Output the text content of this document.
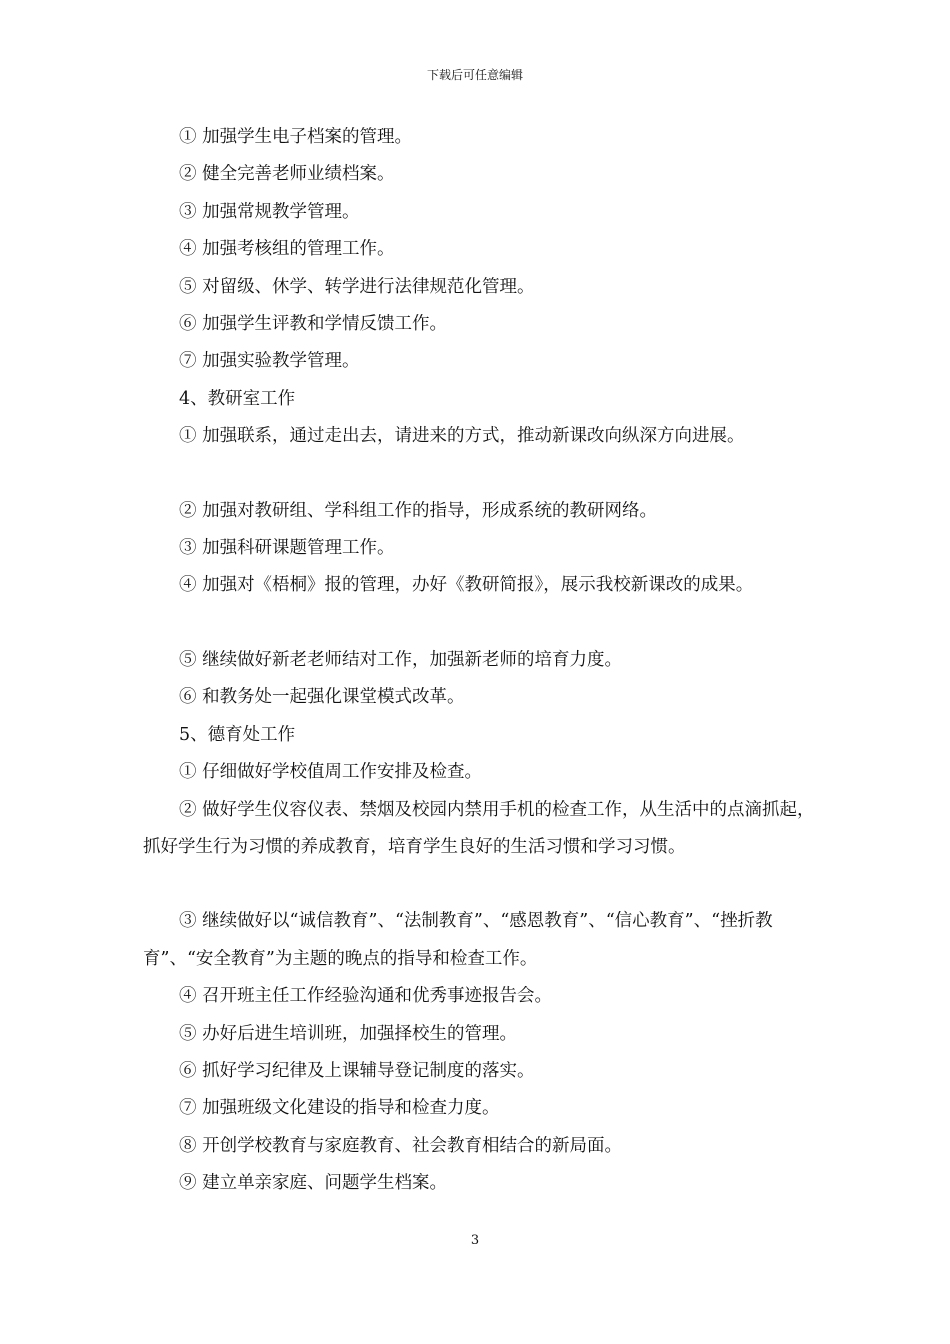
下载后可任意编辑

① 加强学生电子档案的管理。

② 健全完善老师业绩档案。

③ 加强常规教学管理。

④ 加强考核组的管理工作。

⑤ 对留级、休学、转学进行法律规范化管理。

⑥ 加强学生评教和学情反馈工作。

⑦ 加强实验教学管理。

4、教研室工作

① 加强联系，通过走出去，请进来的方式，推动新课改向纵深方向进展。

② 加强对教研组、学科组工作的指导，形成系统的教研网络。

③ 加强科研课题管理工作。

④ 加强对《梧桐》报的管理，办好《教研简报》，展示我校新课改的成果。

⑤ 继续做好新老老师结对工作，加强新老师的培育力度。

⑥ 和教务处一起强化课堂模式改革。

5、德育处工作

① 仔细做好学校值周工作安排及检查。

② 做好学生仪容仪表、禁烟及校园内禁用手机的检查工作，从生活中的点滴抓起，抓好学生行为习惯的养成教育，培育学生良好的生活习惯和学习习惯。

③ 继续做好以“诚信教育”、“法制教育”、“感恩教育”、“信心教育”、“挫折教育”、“安全教育”为主题的晚点的指导和检查工作。

④ 召开班主任工作经验沟通和优秀事迹报告会。

⑤ 办好后进生培训班，加强择校生的管理。

⑥ 抓好学习纪律及上课辅导登记制度的落实。

⑦ 加强班级文化建设的指导和检查力度。

⑧ 开创学校教育与家庭教育、社会教育相结合的新局面。

⑨ 建立单亲家庭、问题学生档案。

3
